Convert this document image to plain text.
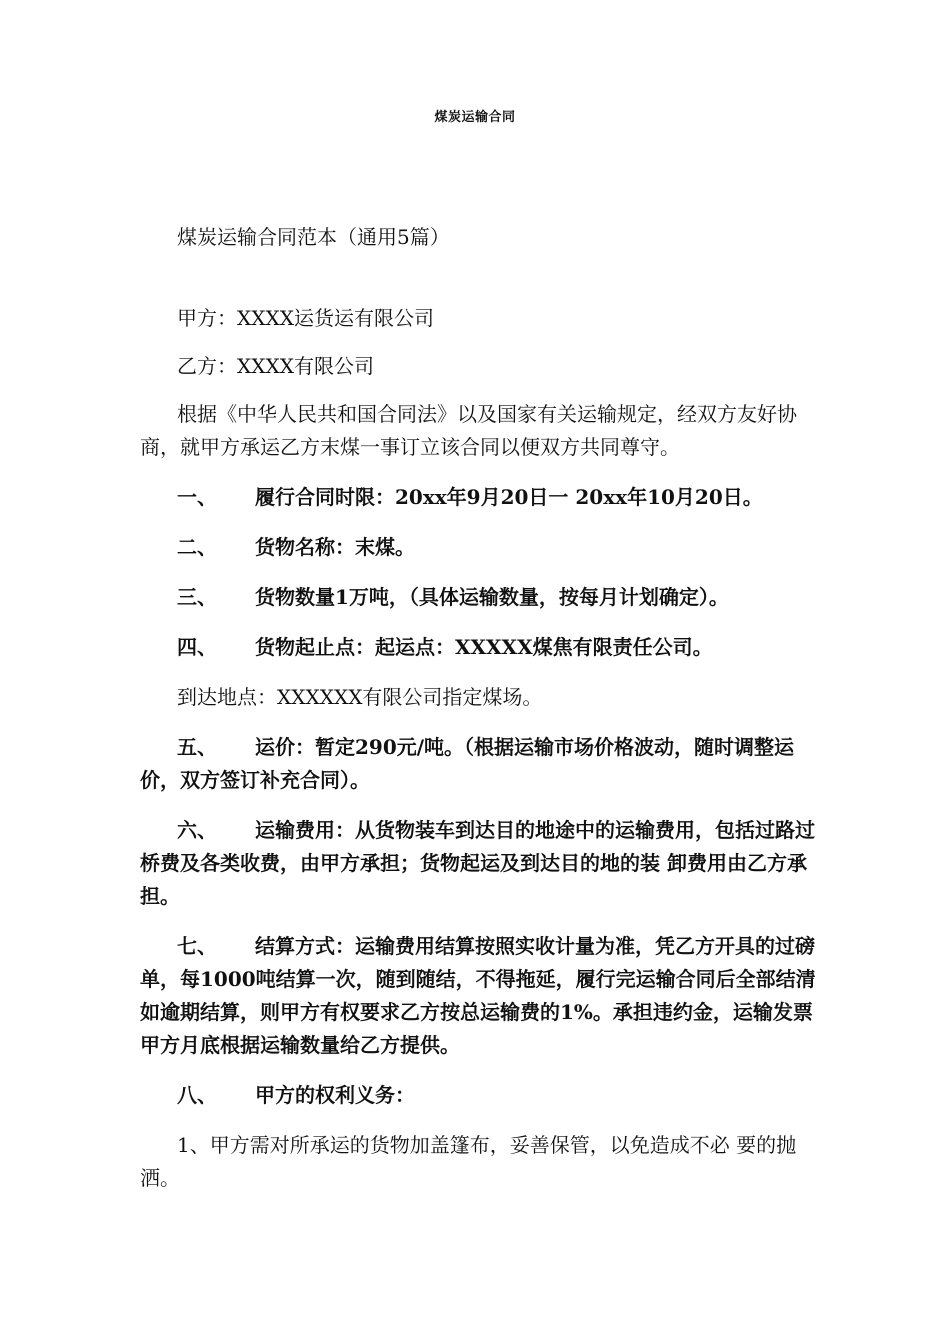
煤炭运输合同
煤炭运输合同范本（通用5篇）

甲方：XXXX运货运有限公司

乙方：XXXX有限公司

根据《中华人民共和国合同法》以及国家有关运输规定，经双方友好协商，就甲方承运乙方末煤一事订立该合同以便双方共同尊守。

一、 履行合同时限：20xx年9月20日一 20xx年10月20日。

二、 货物名称：末煤。

三、 货物数量1万吨，（具体运输数量，按每月计划确定）。

四、 货物起止点：起运点：XXXXX煤焦有限责任公司。

到达地点：XXXXXX有限公司指定煤场。

五、 运价：暂定290元/吨。（根据运输市场价格波动，随时调整运价，双方签订补充合同）。

六、 运输费用：从货物装车到达目的地途中的运输费用，包括过路过桥费及各类收费，由甲方承担；货物起运及到达目的地的装 卸费用由乙方承担。

七、 结算方式：运输费用结算按照实收计量为准，凭乙方开具的过磅单，每1000吨结算一次，随到随结，不得拖延，履行完运输合同后全部结清如逾期结算，则甲方有权要求乙方按总运输费的1%。承担违约金，运输发票甲方月底根据运输数量给乙方提供。

八、 甲方的权利义务：

1、甲方需对所承运的货物加盖篷布，妥善保管，以免造成不必 要的抛洒。
